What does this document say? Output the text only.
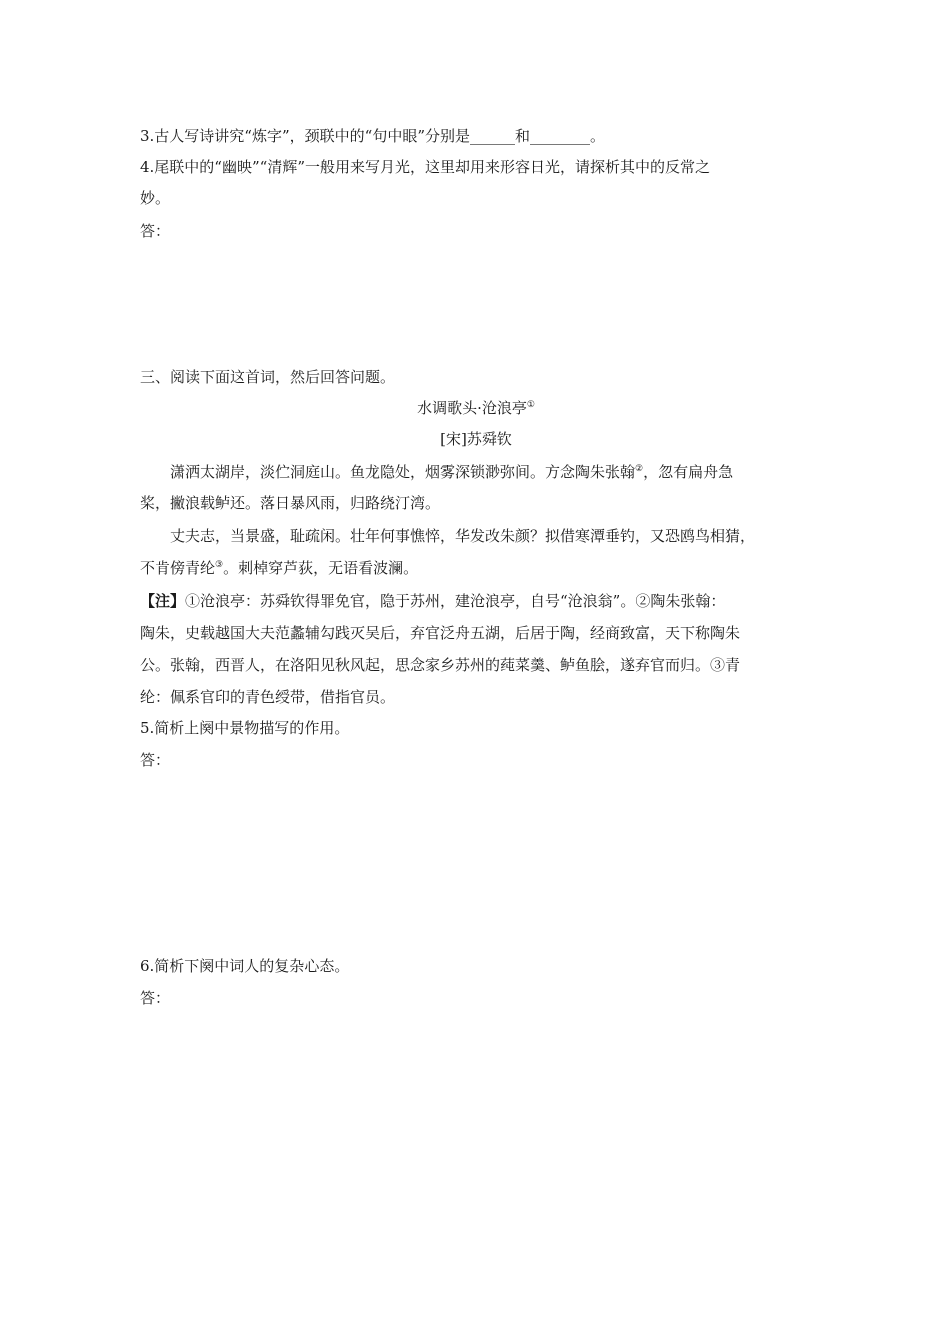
3.古人写诗讲究“炼字”，颈联中的“句中眼”分别是______和________。
4.尾联中的“幽映”“清辉”一般用来写月光，这里却用来形容日光，请探析其中的反常之
妙。
答：
三、阅读下面这首词，然后回答问题。
水调歌头·沧浪亭①
[宋]苏舜钦
潇洒太湖岸，淡伫洞庭山。鱼龙隐处，烟雾深锁渺弥间。方念陶朱张翰②，忽有扁舟急
桨，撇浪载鲈还。落日暴风雨，归路绕汀湾。
丈夫志，当景盛，耻疏闲。壮年何事憔悴，华发改朱颜？拟借寒潭垂钓，又恐鸥鸟相猜，
不肯傍青纶③。刺棹穿芦荻，无语看波澜。
【注】①沧浪亭：苏舜钦得罪免官，隐于苏州，建沧浪亭，自号“沧浪翁”。②陶朱张翰：
陶朱，史载越国大夫范蠡辅勾践灭吴后，弃官泛舟五湖，后居于陶，经商致富，天下称陶朱
公。张翰，西晋人，在洛阳见秋风起，思念家乡苏州的莼菜羹、鲈鱼脍，遂弃官而归。③青
纶：佩系官印的青色绶带，借指官员。
5.简析上阕中景物描写的作用。
答：
6.简析下阕中词人的复杂心态。
答：
